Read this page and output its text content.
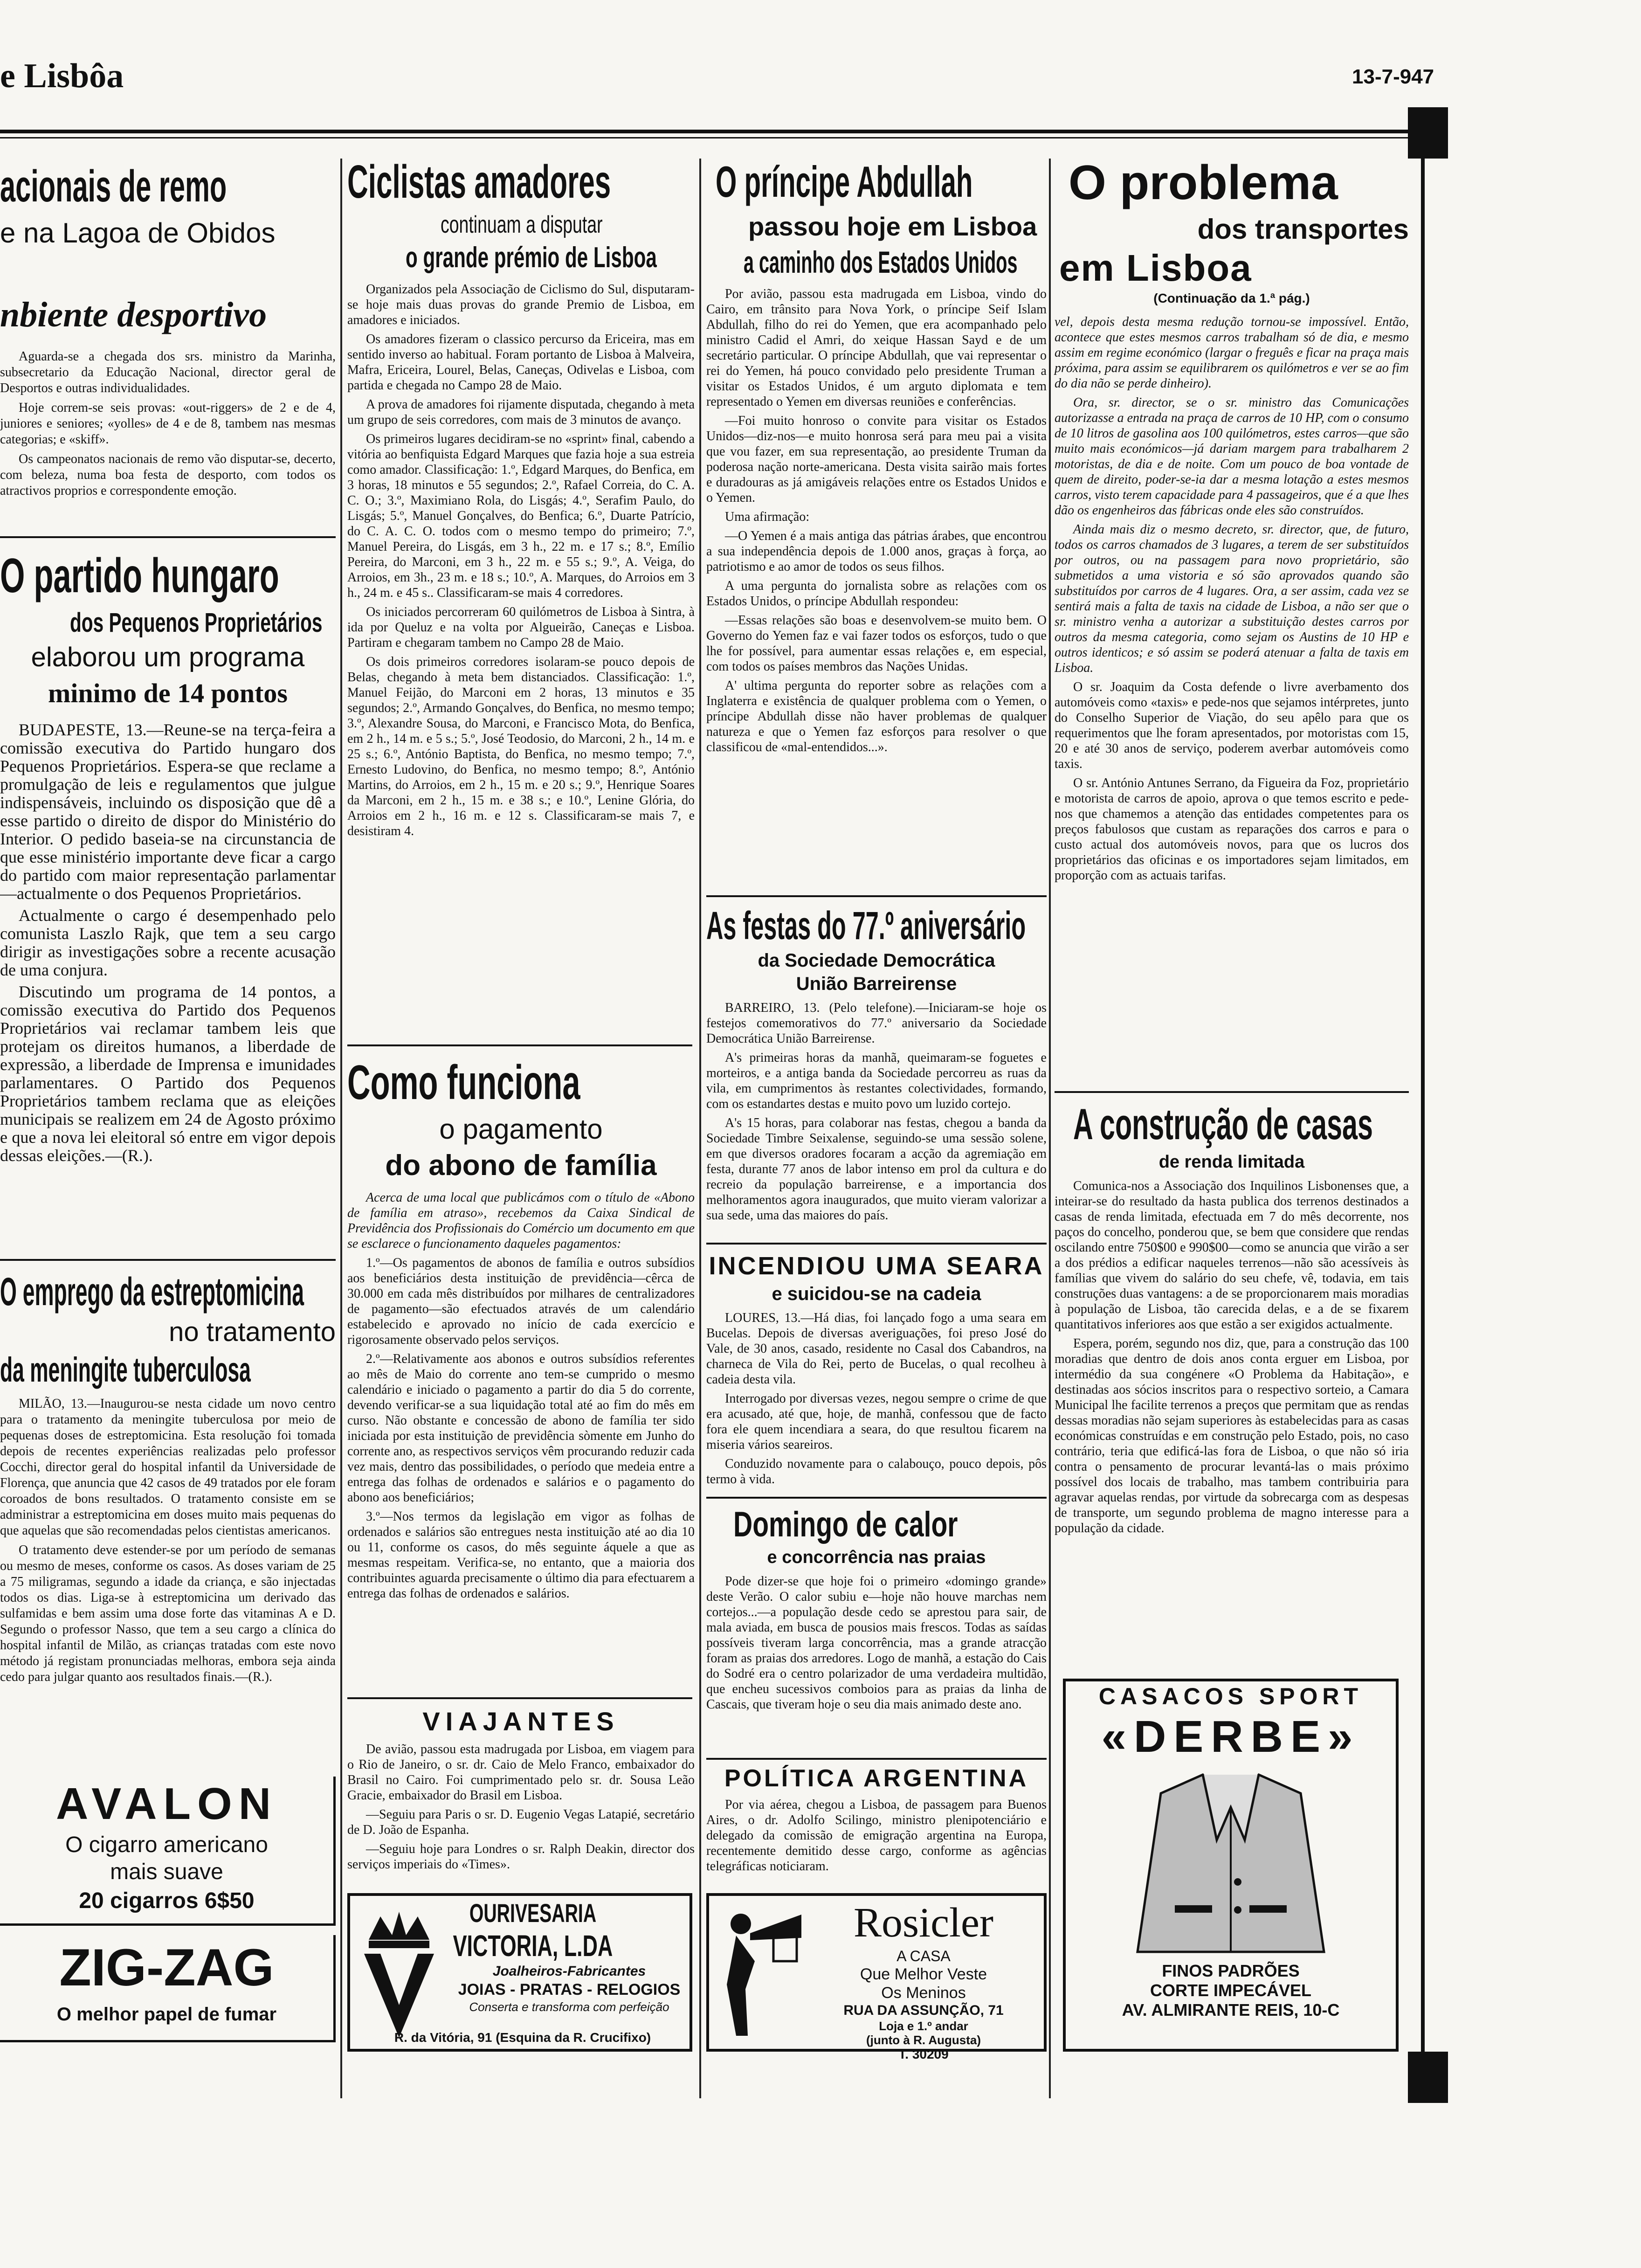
e Lisbôa	13-7-947
acionais de remo
e na Lagoa de Obidos
nbiente desportivo

Aguarda-se a chegada dos srs. ministro da Marinha, subsecretario da Educação Nacional, director geral de Desportos e outras individualidades.

Hoje correm-se seis provas: «out-riggers» de 2 e de 4, juniores e seniores; «yolles» de 4 e de 8, tambem nas mesmas categorias; e «skiff».

Os campeonatos nacionais de remo vão disputar-se, decerto, com beleza, numa boa festa de desporto, com todos os atractivos proprios e correspondente emoção.

O partido hungaro
dos Pequenos Proprietários
elaborou um programa
minimo de 14 pontos

BUDAPESTE, 13.—Reune-se na terça-feira a comissão executiva do Partido hungaro dos Pequenos Proprietários. Espera-se que reclame a promulgação de leis e regulamentos que julgue indispensáveis, incluindo os disposição que dê a esse partido o direito de dispor do Ministério do Interior. O pedido baseia-se na circunstancia de que esse ministério importante deve ficar a cargo do partido com maior representação parlamentar—actualmente o dos Pequenos Proprietários.

Actualmente o cargo é desempenhado pelo comunista Laszlo Rajk, que tem a seu cargo dirigir as investigações sobre a recente acusação de uma conjura.

Discutindo um programa de 14 pontos, a comissão executiva do Partido dos Pequenos Proprietários vai reclamar tambem leis que protejam os direitos humanos, a liberdade de expressão, a liberdade de Imprensa e imunidades parlamentares. O Partido dos Pequenos Proprietários tambem reclama que as eleições municipais se realizem em 24 de Agosto próximo e que a nova lei eleitoral só entre em vigor depois dessas eleições.—(R.).

O emprego da estreptomicina
no tratamento
da meningite tuberculosa

MILÃO, 13.—Inaugurou-se nesta cidade um novo centro para o tratamento da meningite tuberculosa por meio de pequenas doses de estreptomicina. Esta resolução foi tomada depois de recentes experiências realizadas pelo professor Cocchi, director geral do hospital infantil da Universidade de Florença, que anuncia que 42 casos de 49 tratados por ele foram coroados de bons resultados. O tratamento consiste em se administrar a estreptomicina em doses muito mais pequenas do que aquelas que são recomendadas pelos cientistas americanos.

O tratamento deve estender-se por um período de semanas ou mesmo de meses, conforme os casos. As doses variam de 25 a 75 miligramas, segundo a idade da criança, e são injectadas todos os dias. Liga-se à estreptomicina um derivado das sulfamidas e bem assim uma dose forte das vitaminas A e D. Segundo o professor Nasso, que tem a seu cargo a clínica do hospital infantil de Milão, as crianças tratadas com este novo método já registam pronunciadas melhoras, embora seja ainda cedo para julgar quanto aos resultados finais.—(R.).

AVALON
O cigarro americano
mais suave
20 cigarros 6$50
ZIG-ZAG
O melhor papel de fumar
Ciclistas amadores
continuam a disputar
o grande prémio de Lisboa

Organizados pela Associação de Ciclismo do Sul, disputaram-se hoje mais duas provas do grande Premio de Lisboa, em amadores e iniciados.

Os amadores fizeram o classico percurso da Ericeira, mas em sentido inverso ao habitual. Foram portanto de Lisboa à Malveira, Mafra, Ericeira, Lourel, Belas, Caneças, Odivelas e Lisboa, com partida e chegada no Campo 28 de Maio.

A prova de amadores foi rijamente disputada, chegando à meta um grupo de seis corredores, com mais de 3 minutos de avanço.

Os primeiros lugares decidiram-se no «sprint» final, cabendo a vitória ao benfiquista Edgard Marques que fazia hoje a sua estreia como amador. Classificação: 1.º, Edgard Marques, do Benfica, em 3 horas, 18 minutos e 55 segundos; 2.º, Rafael Correia, do C. A. C. O.; 3.º, Maximiano Rola, do Lisgás; 4.º, Serafim Paulo, do Lisgás; 5.º, Manuel Gonçalves, do Benfica; 6.º, Duarte Patrício, do C. A. C. O. todos com o mesmo tempo do primeiro; 7.º, Manuel Pereira, do Lisgás, em 3 h., 22 m. e 17 s.; 8.º, Emílio Pereira, do Marconi, em 3 h., 22 m. e 55 s.; 9.º, A. Veiga, do Arroios, em 3h., 23 m. e 18 s.; 10.º, A. Marques, do Arroios em 3 h., 24 m. e 45 s.. Classificaram-se mais 4 corredores.

Os iniciados percorreram 60 quilómetros de Lisboa à Sintra, à ida por Queluz e na volta por Algueirão, Caneças e Lisboa. Partiram e chegaram tambem no Campo 28 de Maio.

Os dois primeiros corredores isolaram-se pouco depois de Belas, chegando à meta bem distanciados. Classificação: 1.º, Manuel Feijão, do Marconi em 2 horas, 13 minutos e 35 segundos; 2.º, Armando Gonçalves, do Benfica, no mesmo tempo; 3.º, Alexandre Sousa, do Marconi, e Francisco Mota, do Benfica, em 2 h., 14 m. e 5 s.; 5.º, José Teodosio, do Marconi, 2 h., 14 m. e 25 s.; 6.º, António Baptista, do Benfica, no mesmo tempo; 7.º, Ernesto Ludovino, do Benfica, no mesmo tempo; 8.º, António Martins, do Arroios, em 2 h., 15 m. e 20 s.; 9.º, Henrique Soares da Marconi, em 2 h., 15 m. e 38 s.; e 10.º, Lenine Glória, do Arroios em 2 h., 16 m. e 12 s. Classificaram-se mais 7, e desistiram 4.

Como funciona
o pagamento
do abono de família

Acerca de uma local que publicámos com o título de «Abono de família em atraso», recebemos da Caixa Sindical de Previdência dos Profissionais do Comércio um documento em que se esclarece o funcionamento daqueles pagamentos:

1.º—Os pagamentos de abonos de família e outros subsídios aos beneficiários desta instituição de previdência—cêrca de 30.000 em cada mês distribuídos por milhares de centralizadores de pagamento—são efectuados através de um calendário estabelecido e aprovado no início de cada exercício e rigorosamente observado pelos serviços.

2.º—Relativamente aos abonos e outros subsídios referentes ao mês de Maio do corrente ano tem-se cumprido o mesmo calendário e iniciado o pagamento a partir do dia 5 do corrente, devendo verificar-se a sua liquidação total até ao fim do mês em curso. Não obstante e concessão de abono de família ter sido iniciada por esta instituição de previdência sòmente em Junho do corrente ano, as respectivos serviços vêm procurando reduzir cada vez mais, dentro das possibilidades, o período que medeia entre a entrega das folhas de ordenados e salários e o pagamento do abono aos beneficiários;

3.º—Nos termos da legislação em vigor as folhas de ordenados e salários são entregues nesta instituição até ao dia 10 ou 11, conforme os casos, do mês seguinte áquele a que as mesmas respeitam. Verifica-se, no entanto, que a maioria dos contribuintes aguarda precisamente o último dia para efectuarem a entrega das folhas de ordenados e salários.

VIAJANTES

De avião, passou esta madrugada por Lisboa, em viagem para o Rio de Janeiro, o sr. dr. Caio de Melo Franco, embaixador do Brasil no Cairo. Foi cumprimentado pelo sr. dr. Sousa Leão Gracie, embaixador do Brasil em Lisboa.

—Seguiu para Paris o sr. D. Eugenio Vegas Latapié, secretário de D. João de Espanha.

—Seguiu hoje para Londres o sr. Ralph Deakin, director dos serviços imperiais do «Times».

OURIVESARIA
VICTORIA, L.DA
Joalheiros-Fabricantes
JOIAS - PRATAS - RELOGIOS
Conserta e transforma com perfeição
R. da Vitória, 91 (Esquina da R. Crucifixo)
O príncipe Abdullah
passou hoje em Lisboa
a caminho dos Estados Unidos

Por avião, passou esta madrugada em Lisboa, vindo do Cairo, em trânsito para Nova York, o príncipe Seif Islam Abdullah, filho do rei do Yemen, que era acompanhado pelo ministro Cadid el Amri, do xeique Hassan Sayd e de um secretário particular. O príncipe Abdullah, que vai representar o rei do Yemen, há pouco convidado pelo presidente Truman a visitar os Estados Unidos, é um arguto diplomata e tem representado o Yemen em diversas reuniões e conferências.

—Foi muito honroso o convite para visitar os Estados Unidos—diz-nos—e muito honrosa será para meu pai a visita que vou fazer, em sua representação, ao presidente Truman da poderosa nação norte-americana. Desta visita sairão mais fortes e duradouras as já amigáveis relações entre os Estados Unidos e o Yemen.

Uma afirmação:

—O Yemen é a mais antiga das pátrias árabes, que encontrou a sua independência depois de 1.000 anos, graças à força, ao patriotismo e ao amor de todos os seus filhos.

A uma pergunta do jornalista sobre as relações com os Estados Unidos, o príncipe Abdullah respondeu:

—Essas relações são boas e desenvolvem-se muito bem. O Governo do Yemen faz e vai fazer todos os esforços, tudo o que lhe for possível, para aumentar essas relações e, em especial, com todos os países membros das Nações Unidas.

A' ultima pergunta do reporter sobre as relações com a Inglaterra e existência de qualquer problema com o Yemen, o príncipe Abdullah disse não haver problemas de qualquer natureza e que o Yemen faz esforços para resolver o que classificou de «mal-entendidos...».

As festas do 77.º aniversário
da Sociedade Democrática
União Barreirense

BARREIRO, 13. (Pelo telefone).—Iniciaram-se hoje os festejos comemorativos do 77.º aniversario da Sociedade Democrática União Barreirense.

A's primeiras horas da manhã, queimaram-se foguetes e morteiros, e a antiga banda da Sociedade percorreu as ruas da vila, em cumprimentos às restantes colectividades, formando, com os estandartes destas e muito povo um luzido cortejo.

A's 15 horas, para colaborar nas festas, chegou a banda da Sociedade Timbre Seixalense, seguindo-se uma sessão solene, em que diversos oradores focaram a acção da agremiação em festa, durante 77 anos de labor intenso em prol da cultura e do recreio da população barreirense, e a importancia dos melhoramentos agora inaugurados, que muito vieram valorizar a sua sede, uma das maiores do país.

INCENDIOU UMA SEARA
e suicidou-se na cadeia

LOURES, 13.—Há dias, foi lançado fogo a uma seara em Bucelas. Depois de diversas averiguações, foi preso José do Vale, de 30 anos, casado, residente no Casal dos Cabandros, na charneca de Vila do Rei, perto de Bucelas, o qual recolheu à cadeia desta vila.

Interrogado por diversas vezes, negou sempre o crime de que era acusado, até que, hoje, de manhã, confessou que de facto fora ele quem incendiara a seara, do que resultou ficarem na miseria vários seareiros.

Conduzido novamente para o calabouço, pouco depois, pôs termo à vida.

Domingo de calor
e concorrência nas praias

Pode dizer-se que hoje foi o primeiro «domingo grande» deste Verão. O calor subiu e—hoje não houve marchas nem cortejos...—a população desde cedo se aprestou para sair, de mala aviada, em busca de pousios mais frescos. Todas as saídas possíveis tiveram larga concorrência, mas a grande atracção foram as praias dos arredores. Logo de manhã, a estação do Cais do Sodré era o centro polarizador de uma verdadeira multidão, que encheu sucessivos comboios para as praias da linha de Cascais, que tiveram hoje o seu dia mais animado deste ano.

POLÍTICA ARGENTINA

Por via aérea, chegou a Lisboa, de passagem para Buenos Aires, o dr. Adolfo Scilingo, ministro plenipotenciário e delegado da comissão de emigração argentina na Europa, recentemente demitido desse cargo, conforme as agências telegráficas noticiaram.

Rosicler
A CASA
Que Melhor Veste
Os Meninos
RUA DA ASSUNÇÃO, 71
Loja e 1.º andar
(junto à R. Augusta)
T. 30209
O problema
dos transportes
em Lisboa
(Continuação da 1.ª pág.)

vel, depois desta mesma redução tornou-se impossível. Então, acontece que estes mesmos carros trabalham só de dia, e mesmo assim em regime económico (largar o freguês e ficar na praça mais próxima, para assim se equilibrarem os quilómetros e ver se ao fim do dia não se perde dinheiro).

Ora, sr. director, se o sr. ministro das Comunicações autorizasse a entrada na praça de carros de 10 HP, com o consumo de 10 litros de gasolina aos 100 quilómetros, estes carros—que são muito mais económicos—já dariam margem para trabalharem 2 motoristas, de dia e de noite. Com um pouco de boa vontade de quem de direito, poder-se-ia dar a mesma lotação a estes mesmos carros, visto terem capacidade para 4 passageiros, que é a que lhes dão os engenheiros das fábricas onde eles são construídos.

Ainda mais diz o mesmo decreto, sr. director, que, de futuro, todos os carros chamados de 3 lugares, a terem de ser substituídos por outros, ou na passagem para novo proprietário, são submetidos a uma vistoria e só são aprovados quando são substituídos por carros de 4 lugares. Ora, a ser assim, cada vez se sentirá mais a falta de taxis na cidade de Lisboa, a não ser que o sr. ministro venha a autorizar a substituição destes carros por outros da mesma categoria, como sejam os Austins de 10 HP e outros identicos; e só assim se poderá atenuar a falta de taxis em Lisboa.

O sr. Joaquim da Costa defende o livre averbamento dos automóveis como «taxis» e pede-nos que sejamos intérpretes, junto do Conselho Superior de Viação, do seu apêlo para que os requerimentos que lhe foram apresentados, por motoristas com 15, 20 e até 30 anos de serviço, poderem averbar automóveis como taxis.

O sr. António Antunes Serrano, da Figueira da Foz, proprietário e motorista de carros de apoio, aprova o que temos escrito e pede-nos que chamemos a atenção das entidades competentes para os preços fabulosos que custam as reparações dos carros e para o custo actual dos automóveis novos, para que os lucros dos proprietários das oficinas e os importadores sejam limitados, em proporção com as actuais tarifas.

A construção de casas
de renda limitada

Comunica-nos a Associação dos Inquilinos Lisbonenses que, a inteirar-se do resultado da hasta publica dos terrenos destinados a casas de renda limitada, efectuada em 7 do mês decorrente, nos paços do concelho, ponderou que, se bem que considere que rendas oscilando entre 750$00 e 990$00—como se anuncia que virão a ser a dos prédios a edificar naqueles terrenos—não são acessíveis às famílias que vivem do salário do seu chefe, vê, todavia, em tais construções duas vantagens: a de se proporcionarem mais moradias à população de Lisboa, tão carecida delas, e a de se fixarem quantitativos inferiores aos que estão a ser exigidos actualmente.

Espera, porém, segundo nos diz, que, para a construção das 100 moradias que dentro de dois anos conta erguer em Lisboa, por intermédio da sua congénere «O Problema da Habitação», e destinadas aos sócios inscritos para o respectivo sorteio, a Camara Municipal lhe facilite terrenos a preços que permitam que as rendas dessas moradias não sejam superiores às estabelecidas para as casas económicas construídas e em construção pelo Estado, pois, no caso contrário, teria que edificá-las fora de Lisboa, o que não só iria contra o pensamento de procurar levantá-las o mais próximo possível dos locais de trabalho, mas tambem contribuiria para agravar aquelas rendas, por virtude da sobrecarga com as despesas de transporte, um segundo problema de magno interesse para a população da cidade.

CASACOS SPORT
«DERBE»
FINOS PADRÕES
CORTE IMPECÁVEL
AV. ALMIRANTE REIS, 10-C
